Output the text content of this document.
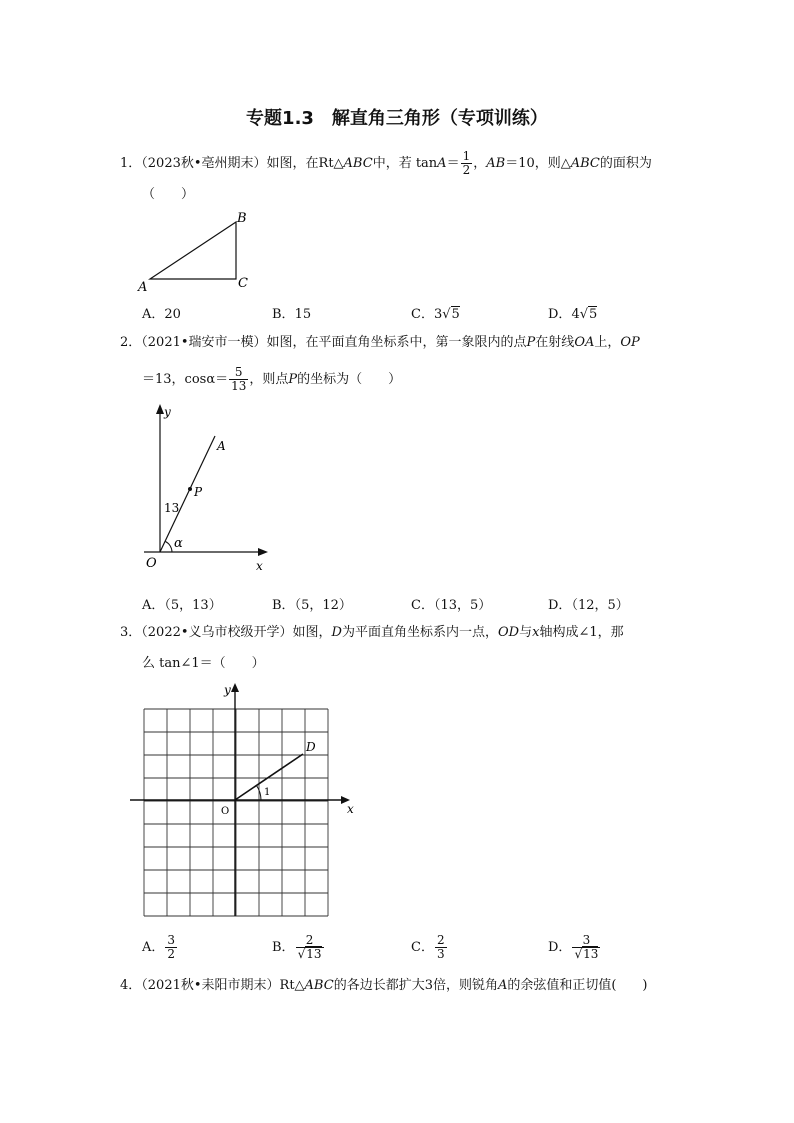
专题1.3　解直角三角形（专项训练）
1．（2023秋•亳州期末）如图，在Rt△ABC中，若 $\tan A= \frac{1}{2}$ ，AB＝10，则△ABC的面积为
（　　）
A
B
C
A．20	B．15	C．3√5	D．4√5
2．（2021•瑞安市一模）如图，在平面直角坐标系中，第一象限内的点P在射线OA上，OP
＝13，$\cos\alpha= \frac{5}{13}$ ，则点P的坐标为（　　）
y
x
O
A
P
13
α
A．（5，13）	B．（5，12）	C．（13，5）	D．（12，5）
3．（2022•义乌市校级开学）如图，D为平面直角坐标系内一点，OD与x轴构成∠1，那
么 tan∠1＝（　　）
y
x
O
D
1
A． $\frac{3}{2}$	B． $\frac{2}{√13}$	C． $\frac{2}{3}$	D． $\frac{3}{√13}$
4．（2021秋•耒阳市期末）Rt△ABC的各边长都扩大3倍，则锐角A的余弦值和正切值(　　)
